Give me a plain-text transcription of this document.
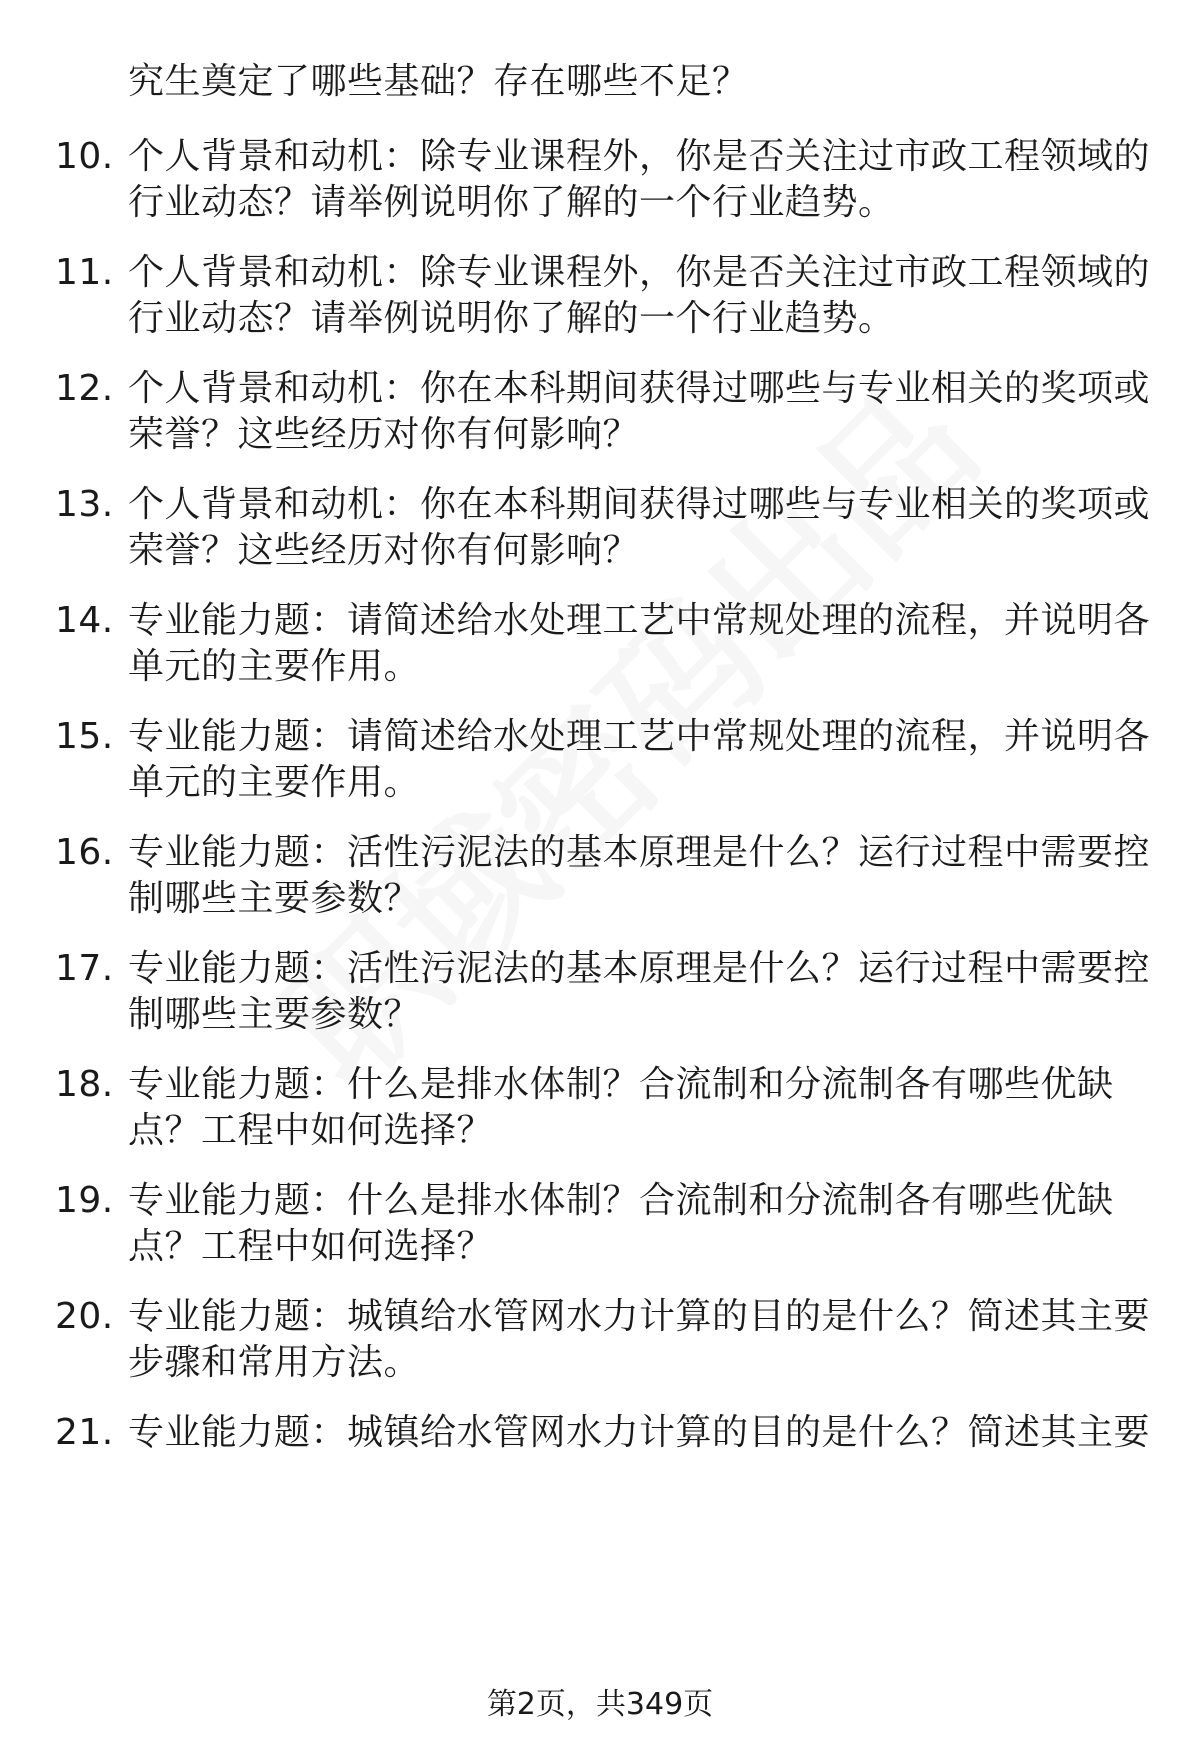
究生奠定了哪些基础？存在哪些不足？
10. 个人背景和动机：除专业课程外，你是否关注过市政工程领域的
行业动态？请举例说明你了解的一个行业趋势。
11. 个人背景和动机：除专业课程外，你是否关注过市政工程领域的
行业动态？请举例说明你了解的一个行业趋势。
12. 个人背景和动机：你在本科期间获得过哪些与专业相关的奖项或
荣誉？这些经历对你有何影响？
13. 个人背景和动机：你在本科期间获得过哪些与专业相关的奖项或
荣誉？这些经历对你有何影响？
14. 专业能力题：请简述给水处理工艺中常规处理的流程，并说明各
单元的主要作用。
15. 专业能力题：请简述给水处理工艺中常规处理的流程，并说明各
单元的主要作用。
16. 专业能力题：活性污泥法的基本原理是什么？运行过程中需要控
制哪些主要参数？
17. 专业能力题：活性污泥法的基本原理是什么？运行过程中需要控
制哪些主要参数？
18. 专业能力题：什么是排水体制？合流制和分流制各有哪些优缺
点？工程中如何选择？
19. 专业能力题：什么是排水体制？合流制和分流制各有哪些优缺
点？工程中如何选择？
20. 专业能力题：城镇给水管网水力计算的目的是什么？简述其主要
步骤和常用方法。
21. 专业能力题：城镇给水管网水力计算的目的是什么？简述其主要
第2页，共349页
